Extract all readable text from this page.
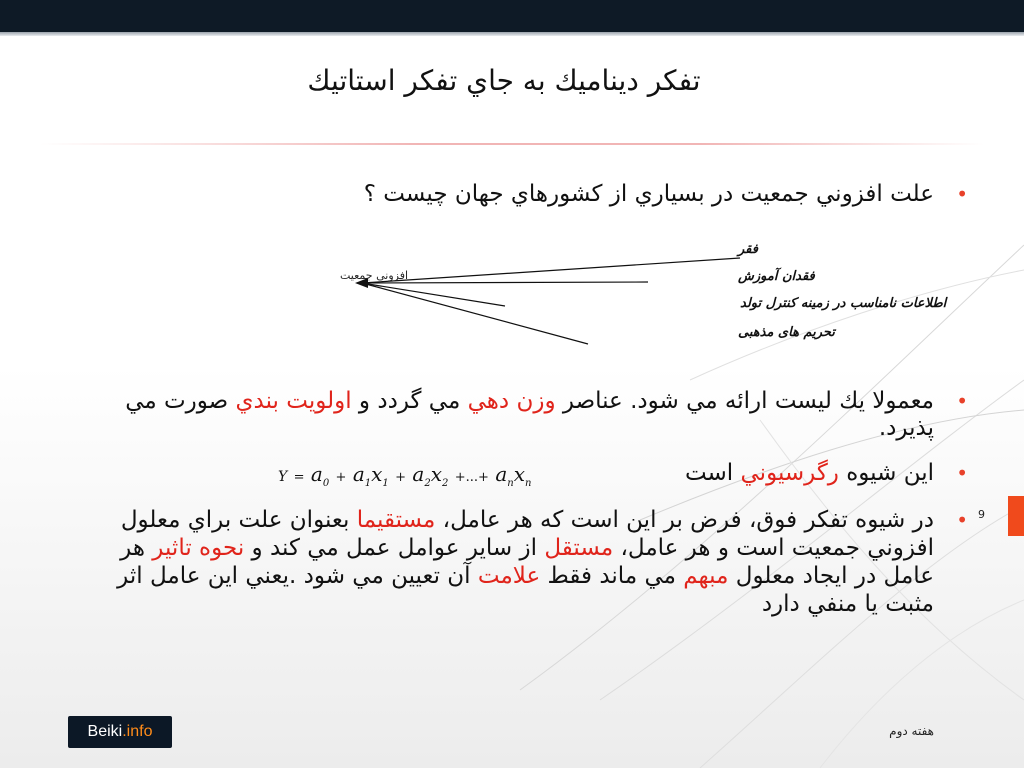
تفكر ديناميك به جاي تفكر استاتيك
• علت افزوني جمعيت در بسياري از كشورهاي جهان چيست ؟
افزونی جمعیت
فقر
فقدان آموزش
اطلاعات نامناسب در زمینه کنترل تولد
تحریم های مذهبی
• معمولا يك ليست ارائه مي شود. عناصر وزن دهي مي گردد و اولويت بندي صورت مي پذيرد.
• اين شيوه رگرسيوني است
$Y = a_0 + a_1x_1 + a_2x_2$ +...+ $a_nx_n$
• در شيوه تفكر فوق، فرض بر اين است كه هر عامل، مستقيما بعنوان علت براي معلول افزوني جمعيت است و هر عامل، مستقل از ساير عوامل عمل مي كند و نحوه تاثير هر عامل در ايجاد معلول مبهم مي ماند فقط علامت آن تعيين مي شود .يعني اين عامل اثر مثبت يا منفي دارد
9
Beiki .info	هفته دوم
